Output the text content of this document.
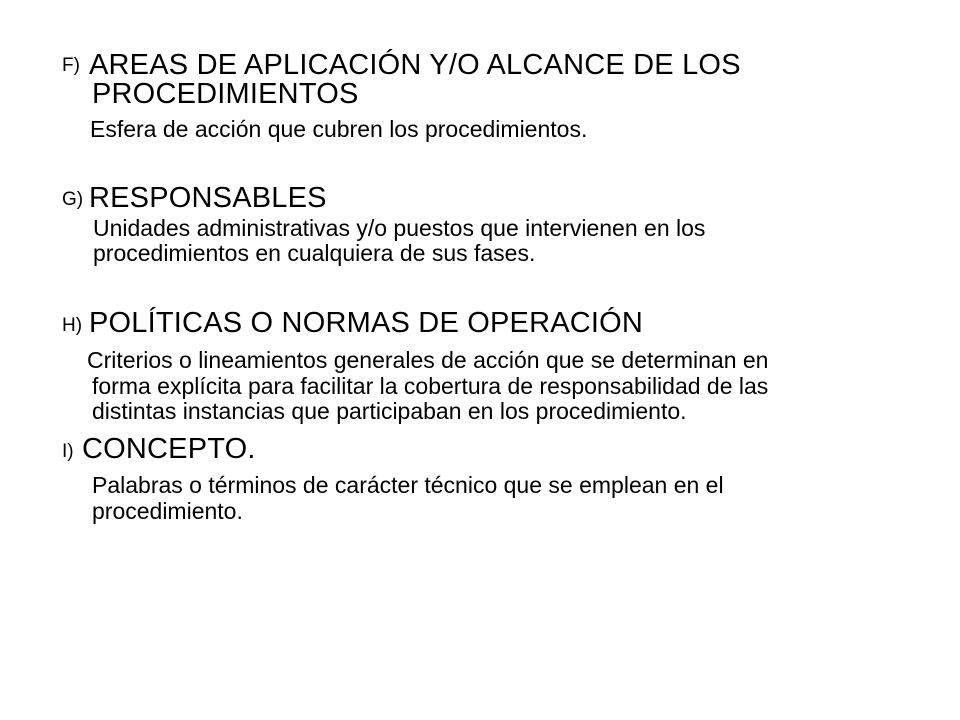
F) AREAS DE APLICACIÓN Y/O ALCANCE DE LOS
PROCEDIMIENTOS
Esfera de acción que cubren los procedimientos.
G) RESPONSABLES
Unidades administrativas y/o puestos que intervienen en los
procedimientos en cualquiera de sus fases.
H) POLÍTICAS O NORMAS DE OPERACIÓN
Criterios o lineamientos generales de acción que se determinan en
forma explícita para facilitar la cobertura de responsabilidad de las
distintas instancias que participaban en los procedimiento.
I) CONCEPTO.
Palabras o términos de carácter técnico que se emplean en el
procedimiento.
